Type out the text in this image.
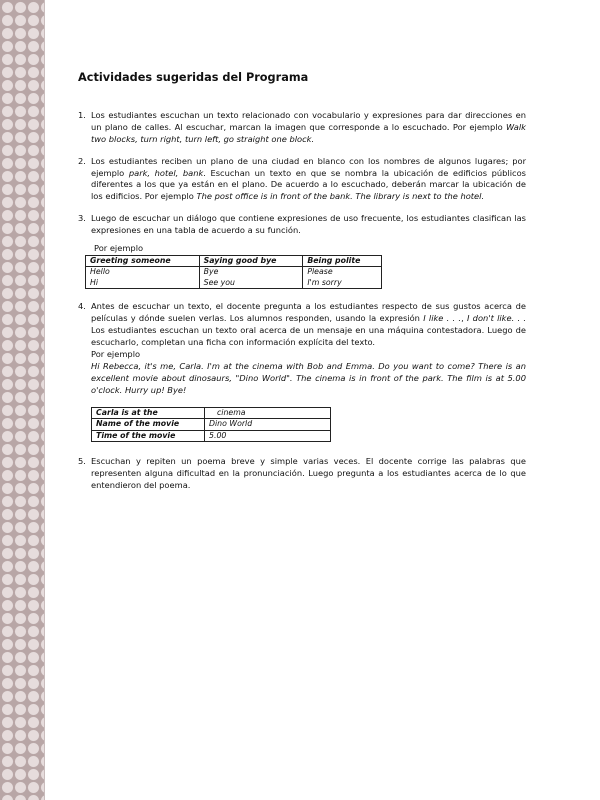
Actividades sugeridas del Programa
1. Los estudiantes escuchan un texto relacionado con vocabulario y expresiones para dar direcciones en un plano de calles. Al escuchar, marcan la imagen que corresponde a lo escuchado. Por ejemplo Walk two blocks, turn right, turn left, go straight one block.

2. Los estudiantes reciben un plano de una ciudad en blanco con los nombres de algunos lugares; por ejemplo park, hotel, bank. Escuchan un texto en que se nombra la ubicación de edificios públicos diferentes a los que ya están en el plano. De acuerdo a lo escuchado, deberán marcar la ubicación de los edificios. Por ejemplo The post office is in front of the bank. The library is next to the hotel.

3. Luego de escuchar un diálogo que contiene expresiones de uso frecuente, los estudiantes clasifican las expresiones en una tabla de acuerdo a su función.

Por ejemplo
Greeting someone	Saying good bye	Being polite
Hello	Bye	Please
Hi	See you	I'm sorry
4. Antes de escuchar un texto, el docente pregunta a los estudiantes respecto de sus gustos acerca de películas y dónde suelen verlas. Los alumnos responden, usando la expresión I like . . ., I don't like. . . Los estudiantes escuchan un texto oral acerca de un mensaje en una máquina contestadora. Luego de escucharlo, completan una ficha con información explícita del texto.

Por ejemplo

Hi Rebecca, it's me, Carla. I'm at the cinema with Bob and Emma. Do you want to come? There is an excellent movie about dinosaurs, "Dino World". The cinema is in front of the park. The film is at 5.00 o'clock. Hurry up! Bye!

Carla is at the	cinema
Name of the movie	Dino World
Time of the movie	5.00
5. Escuchan y repiten un poema breve y simple varias veces. El docente corrige las palabras que representen alguna dificultad en la pronunciación. Luego pregunta a los estudiantes acerca de lo que entendieron del poema.
